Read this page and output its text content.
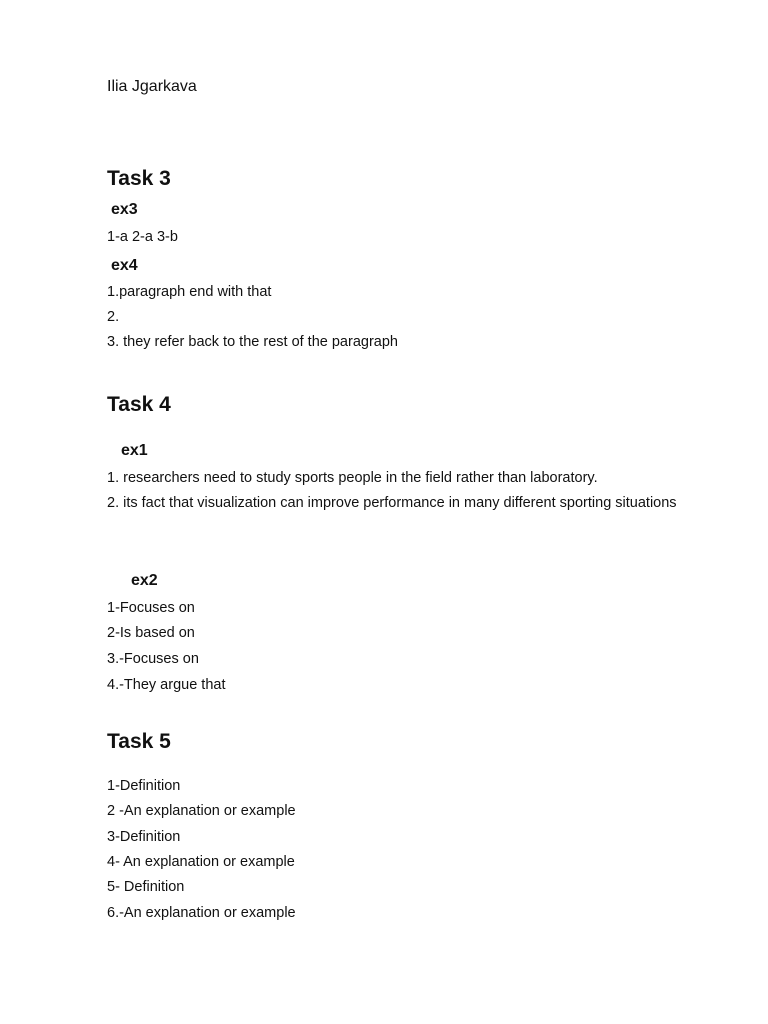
Ilia Jgarkava
Task 3
ex3
1-a 2-a 3-b
ex4
1.paragraph end with that
2.
3. they refer back to the rest of the paragraph
Task 4
ex1
1. researchers need to study sports people in the field rather than laboratory.
2. its fact that visualization can improve performance in many different sporting situations
ex2
1-Focuses on
2-Is based on
3.-Focuses on
4.-They argue that
Task 5
1-Definition
2 -An explanation or example
3-Definition
4- An explanation or example
5- Definition
6.-An explanation or example
